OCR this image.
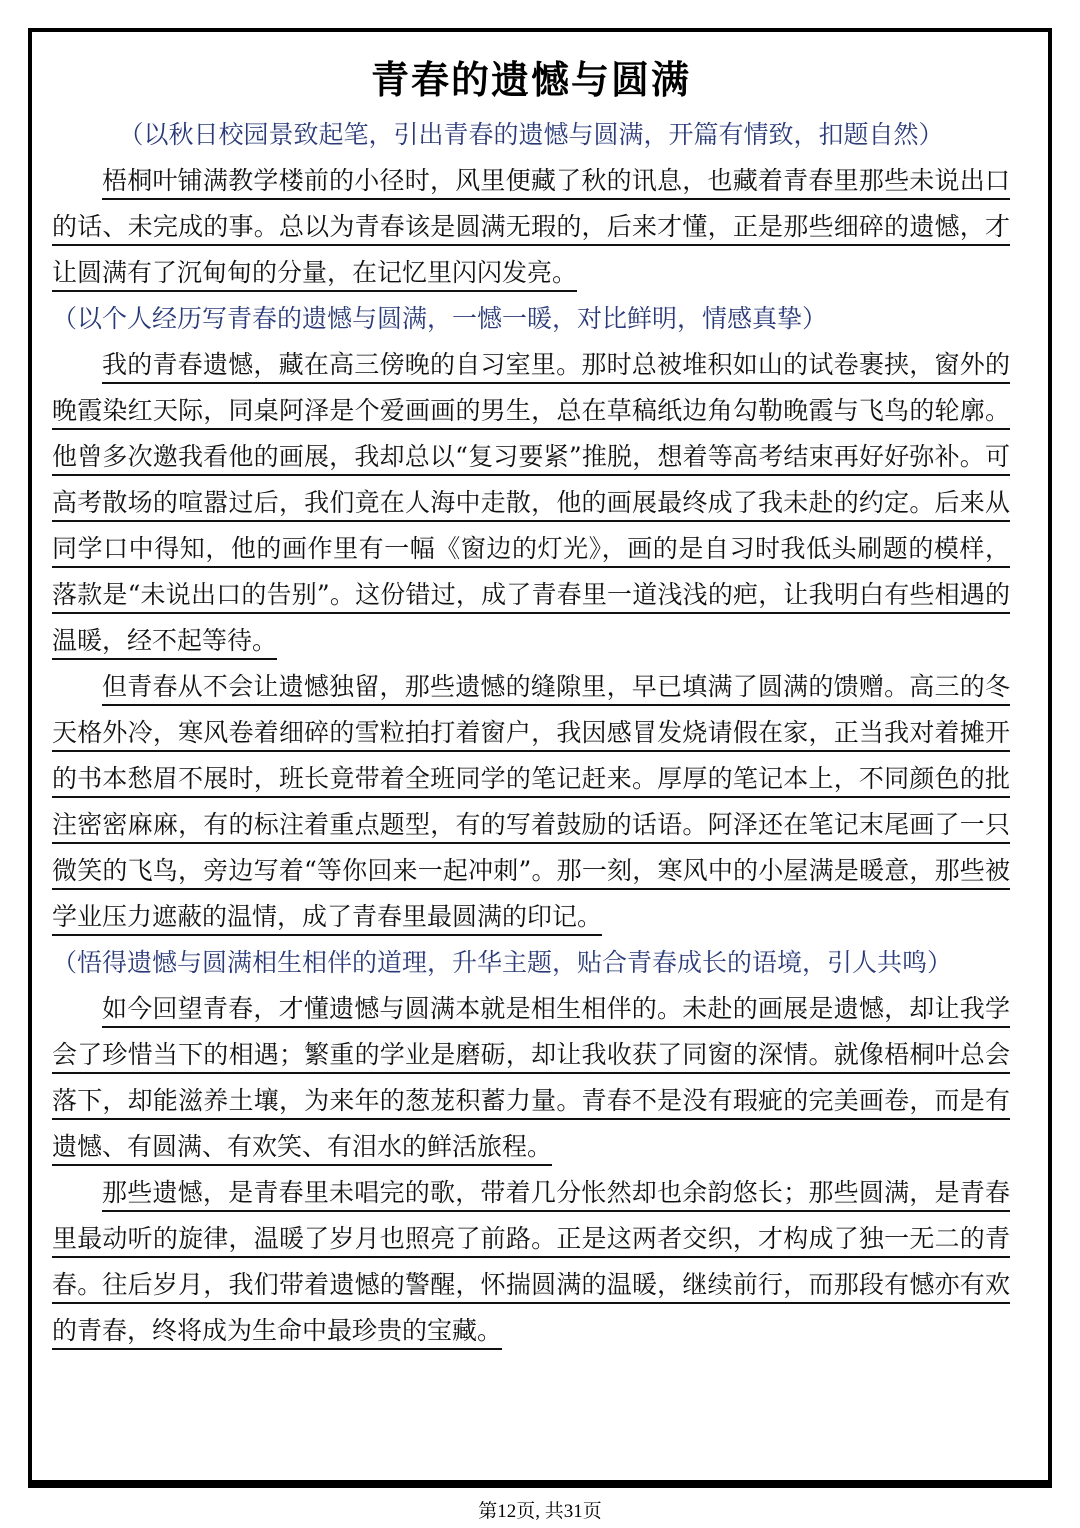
青春的遗憾与圆满

（以秋日校园景致起笔，引出青春的遗憾与圆满，开篇有情致，扣题自然）

梧桐叶铺满教学楼前的小径时，风里便藏了秋的讯息，也藏着青春里那些未说出口的话、未完成的事。总以为青春该是圆满无瑕的，后来才懂，正是那些细碎的遗憾，才让圆满有了沉甸甸的分量，在记忆里闪闪发亮。

（以个人经历写青春的遗憾与圆满，一憾一暖，对比鲜明，情感真挚）

我的青春遗憾，藏在高三傍晚的自习室里。那时总被堆积如山的试卷裹挟，窗外的晚霞染红天际，同桌阿泽是个爱画画的男生，总在草稿纸边角勾勒晚霞与飞鸟的轮廓。他曾多次邀我看他的画展，我却总以“复习要紧”推脱，想着等高考结束再好好弥补。可高考散场的喧嚣过后，我们竟在人海中走散，他的画展最终成了我未赴的约定。后来从同学口中得知，他的画作里有一幅《窗边的灯光》，画的是自习时我低头刷题的模样，落款是“未说出口的告别”。这份错过，成了青春里一道浅浅的疤，让我明白有些相遇的温暖，经不起等待。

但青春从不会让遗憾独留，那些遗憾的缝隙里，早已填满了圆满的馈赠。高三的冬天格外冷，寒风卷着细碎的雪粒拍打着窗户，我因感冒发烧请假在家，正当我对着摊开的书本愁眉不展时，班长竟带着全班同学的笔记赶来。厚厚的笔记本上，不同颜色的批注密密麻麻，有的标注着重点题型，有的写着鼓励的话语。阿泽还在笔记末尾画了一只微笑的飞鸟，旁边写着“等你回来一起冲刺”。那一刻，寒风中的小屋满是暖意，那些被学业压力遮蔽的温情，成了青春里最圆满的印记。

（悟得遗憾与圆满相生相伴的道理，升华主题，贴合青春成长的语境，引人共鸣）

如今回望青春，才懂遗憾与圆满本就是相生相伴的。未赴的画展是遗憾，却让我学会了珍惜当下的相遇；繁重的学业是磨砺，却让我收获了同窗的深情。就像梧桐叶总会落下，却能滋养土壤，为来年的葱茏积蓄力量。青春不是没有瑕疵的完美画卷，而是有遗憾、有圆满、有欢笑、有泪水的鲜活旅程。

那些遗憾，是青春里未唱完的歌，带着几分怅然却也余韵悠长；那些圆满，是青春里最动听的旋律，温暖了岁月也照亮了前路。正是这两者交织，才构成了独一无二的青春。往后岁月，我们带着遗憾的警醒，怀揣圆满的温暖，继续前行，而那段有憾亦有欢的青春，终将成为生命中最珍贵的宝藏。

第12页, 共31页
